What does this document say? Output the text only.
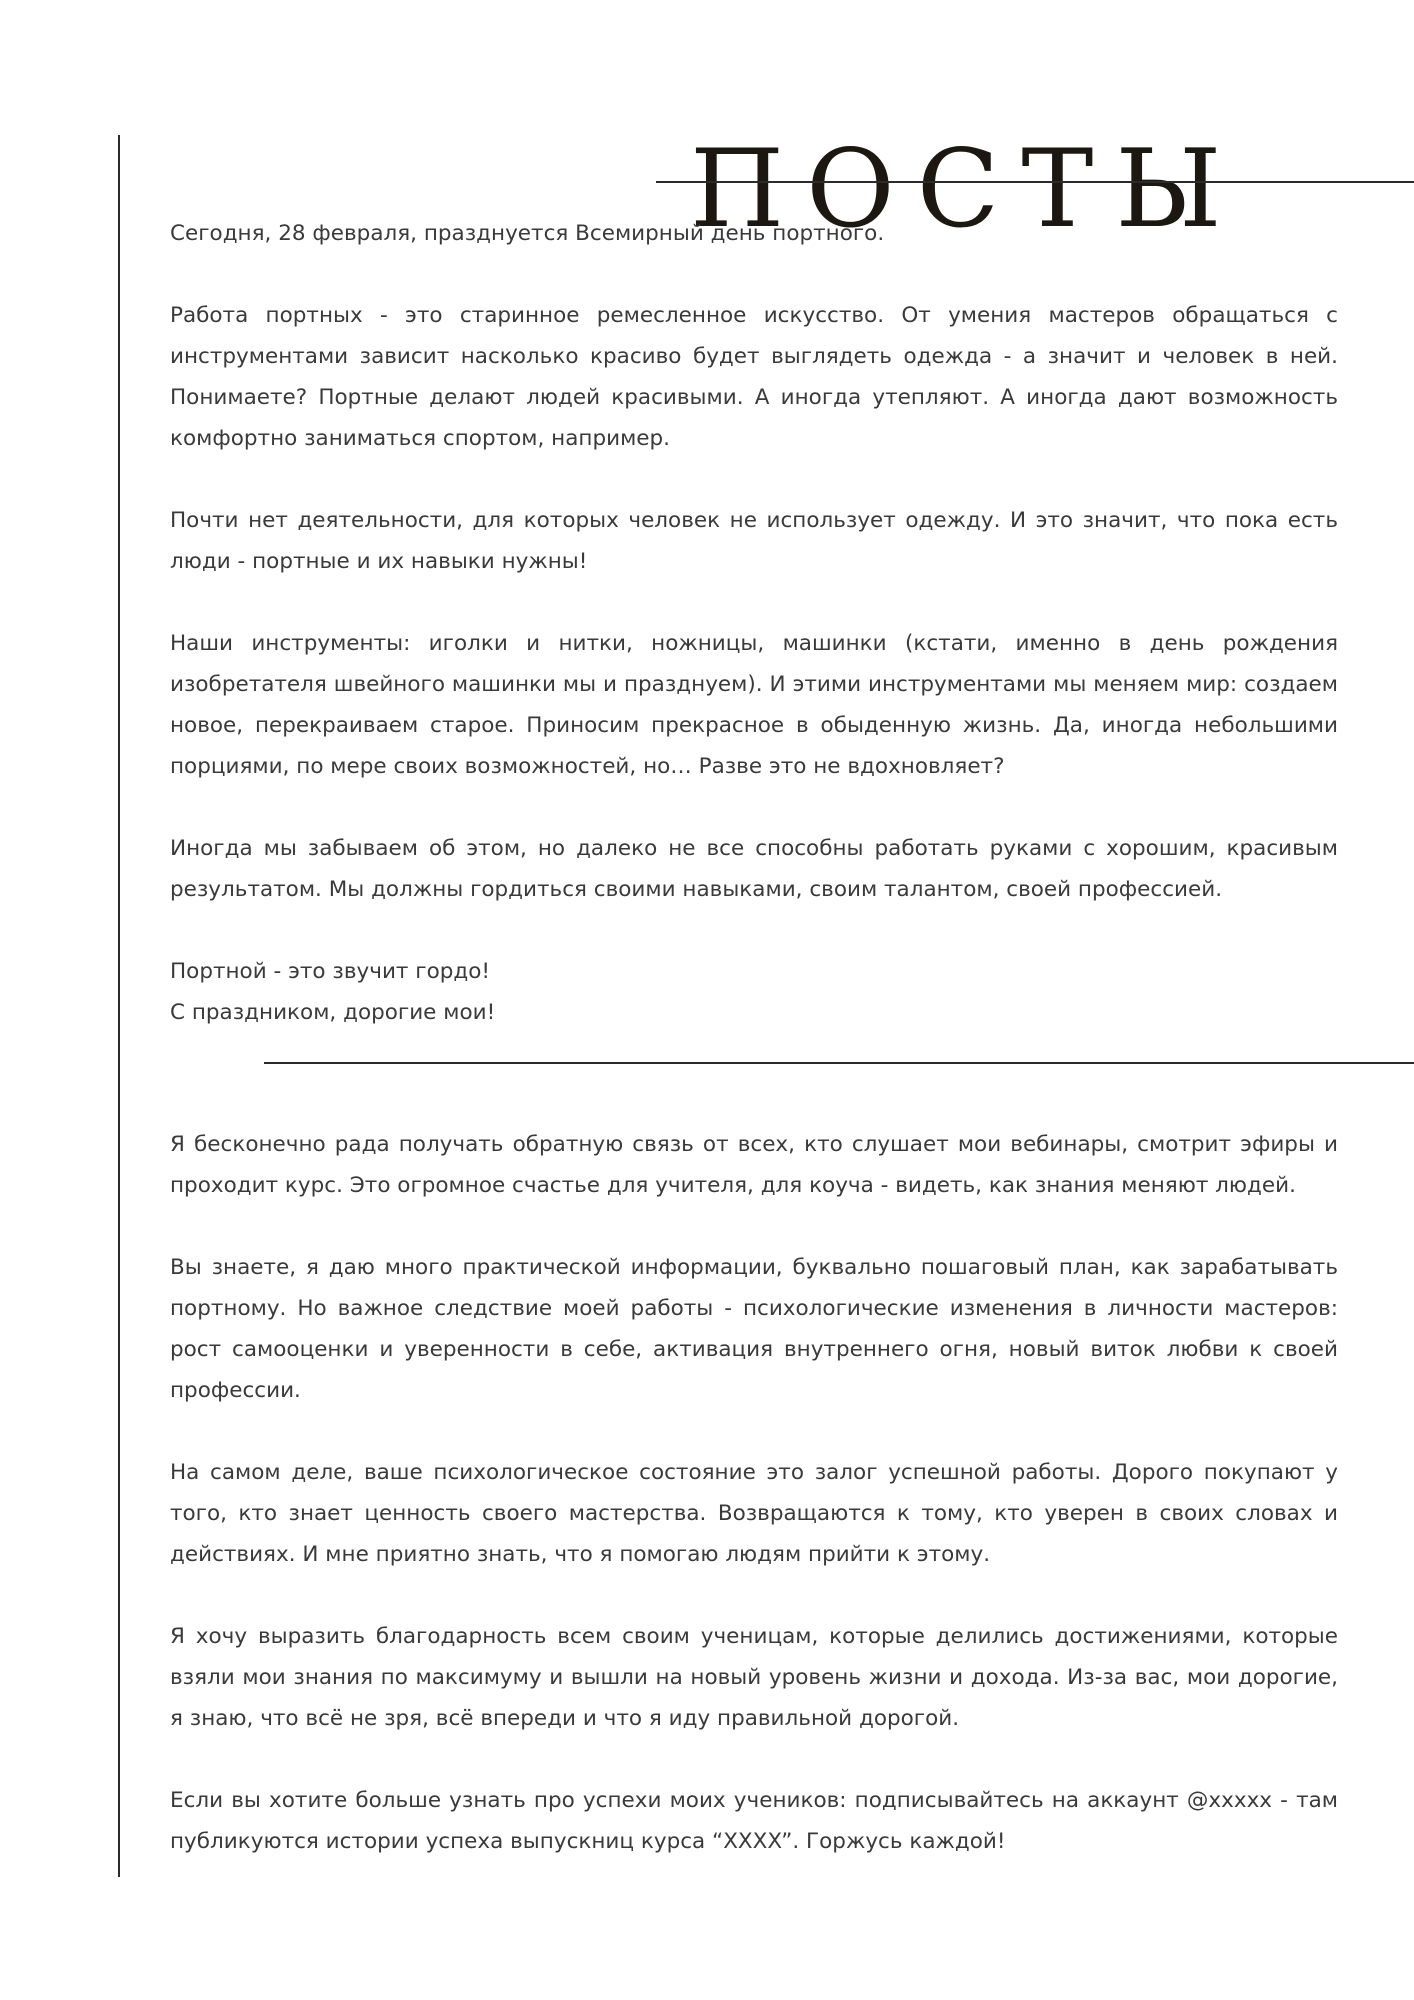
ПОСТЫ

Сегодня, 28 февраля, празднуется Всемирный день портного.

Работа портных - это старинное ремесленное искусство. От умения мастеров обращаться с инструментами зависит насколько красиво будет выглядеть одежда - а значит и человек в ней. Понимаете? Портные делают людей красивыми. А иногда утепляют. А иногда дают возможность комфортно заниматься спортом, например.

Почти нет деятельности, для которых человек не использует одежду. И это значит, что пока есть люди - портные и их навыки нужны!

Наши инструменты: иголки и нитки, ножницы, машинки (кстати, именно в день рождения изобретателя швейного машинки мы и празднуем). И этими инструментами мы меняем мир: создаем новое, перекраиваем старое. Приносим прекрасное в обыденную жизнь. Да, иногда небольшими порциями, по мере своих возможностей, но… Разве это не вдохновляет?

Иногда мы забываем об этом, но далеко не все способны работать руками с хорошим, красивым результатом. Мы должны гордиться своими навыками, своим талантом, своей профессией.

Портной - это звучит гордо!
С праздником, дорогие мои!

Я бесконечно рада получать обратную связь от всех, кто слушает мои вебинары, смотрит эфиры и проходит курс. Это огромное счастье для учителя, для коуча - видеть, как знания меняют людей.

Вы знаете, я даю много практической информации, буквально пошаговый план, как зарабатывать портному. Но важное следствие моей работы - психологические изменения в личности мастеров: рост самооценки и уверенности в себе, активация внутреннего огня, новый виток любви к своей профессии.

На самом деле, ваше психологическое состояние это залог успешной работы. Дорого покупают у того, кто знает ценность своего мастерства. Возвращаются к тому, кто уверен в своих словах и действиях. И мне приятно знать, что я помогаю людям прийти к этому.

Я хочу выразить благодарность всем своим ученицам, которые делились достижениями, которые взяли мои знания по максимуму и вышли на новый уровень жизни и дохода. Из-за вас, мои дорогие, я знаю, что всё не зря, всё впереди и что я иду правильной дорогой.

Если вы хотите больше узнать про успехи моих учеников: подписывайтесь на аккаунт @xxxxx - там публикуются истории успеха выпускниц курса “XXXX”. Горжусь каждой!
